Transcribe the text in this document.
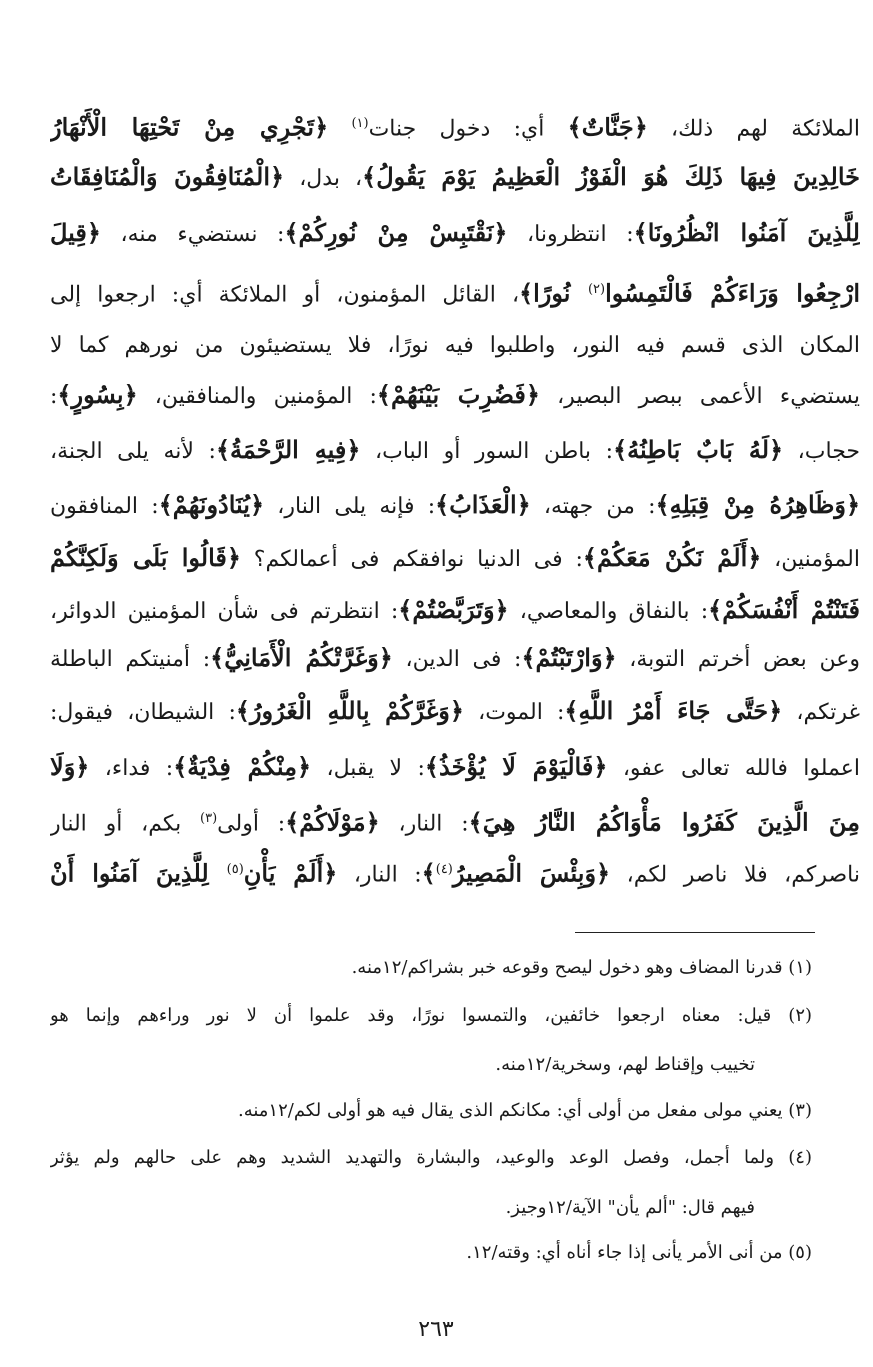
الملائكة لهم ذلك، ﴿جَنَّاتٌ﴾ أي: دخول جنات$^{(١)}$ ﴿تَجْرِي مِنْ تَحْتِهَا الْأَنْهَارُ
خَالِدِينَ فِيهَا ذَلِكَ هُوَ الْفَوْزُ الْعَظِيمُ يَوْمَ يَقُولُ﴾، بدل، ﴿الْمُنَافِقُونَ وَالْمُنَافِقَاتُ
لِلَّذِينَ آمَنُوا انْظُرُونَا﴾: انتظرونا، ﴿نَقْتَبِسْ مِنْ نُورِكُمْ﴾: نستضيء منه، ﴿قِيلَ
ارْجِعُوا وَرَاءَكُمْ فَالْتَمِسُوا$^{(٢)}$ نُورًا﴾، القائل المؤمنون، أو الملائكة أي: ارجعوا إلى
المكان الذى قسم فيه النور، واطلبوا فيه نورًا، فلا يستضيئون من نورهم كما لا
يستضيء الأعمى ببصر البصير، ﴿فَضُرِبَ بَيْنَهُمْ﴾: المؤمنين والمنافقين، ﴿بِسُورٍ﴾:
حجاب، ﴿لَهُ بَابٌ بَاطِنُهُ﴾: باطن السور أو الباب، ﴿فِيهِ الرَّحْمَةُ﴾: لأنه يلى الجنة،
﴿وَظَاهِرُهُ مِنْ قِبَلِهِ﴾: من جهته، ﴿الْعَذَابُ﴾: فإنه يلى النار، ﴿يُنَادُونَهُمْ﴾: المنافقون
المؤمنين، ﴿أَلَمْ نَكُنْ مَعَكُمْ﴾: فى الدنيا نوافقكم فى أعمالكم؟ ﴿قَالُوا بَلَى وَلَكِنَّكُمْ
فَتَنْتُمْ أَنْفُسَكُمْ﴾: بالنفاق والمعاصي، ﴿وَتَرَبَّصْتُمْ﴾: انتظرتم فى شأن المؤمنين الدوائر،
وعن بعض أخرتم التوبة، ﴿وَارْتَبْتُمْ﴾: فى الدين، ﴿وَغَرَّتْكُمُ الْأَمَانِيُّ﴾: أمنيتكم الباطلة
غرتكم، ﴿حَتَّى جَاءَ أَمْرُ اللَّهِ﴾: الموت، ﴿وَغَرَّكُمْ بِاللَّهِ الْغَرُورُ﴾: الشيطان، فيقول:
اعملوا فالله تعالى عفو، ﴿فَالْيَوْمَ لَا يُؤْخَذُ﴾: لا يقبل، ﴿مِنْكُمْ فِدْيَةٌ﴾: فداء، ﴿وَلَا
مِنَ الَّذِينَ كَفَرُوا مَأْوَاكُمُ النَّارُ هِيَ﴾: النار، ﴿مَوْلَاكُمْ﴾: أولى$^{(٣)}$ بكم، أو النار
ناصركم، فلا ناصر لكم، ﴿وَبِئْسَ الْمَصِيرُ$^{(٤)}$﴾: النار، ﴿أَلَمْ يَأْنِ$^{(٥)}$ لِلَّذِينَ آمَنُوا أَنْ
(١) قدرنا المضاف وهو دخول ليصح وقوعه خبر بشراكم/١٢منه.
(٢) قيل: معناه ارجعوا خائفين، والتمسوا نورًا، وقد علموا أن لا نور وراءهم وإنما هو
تخييب وإقناط لهم، وسخرية/١٢منه.
(٣) يعني مولى مفعل من أولى أي: مكانكم الذى يقال فيه هو أولى لكم/١٢منه.
(٤) ولما أجمل، وفصل الوعد والوعيد، والبشارة والتهديد الشديد وهم على حالهم ولم يؤثر
فيهم قال: "ألم يأن" الآية/١٢وجيز.
(٥) من أنى الأمر يأنى إذا جاء أناه أي: وقته/١٢.
٢٦٣
